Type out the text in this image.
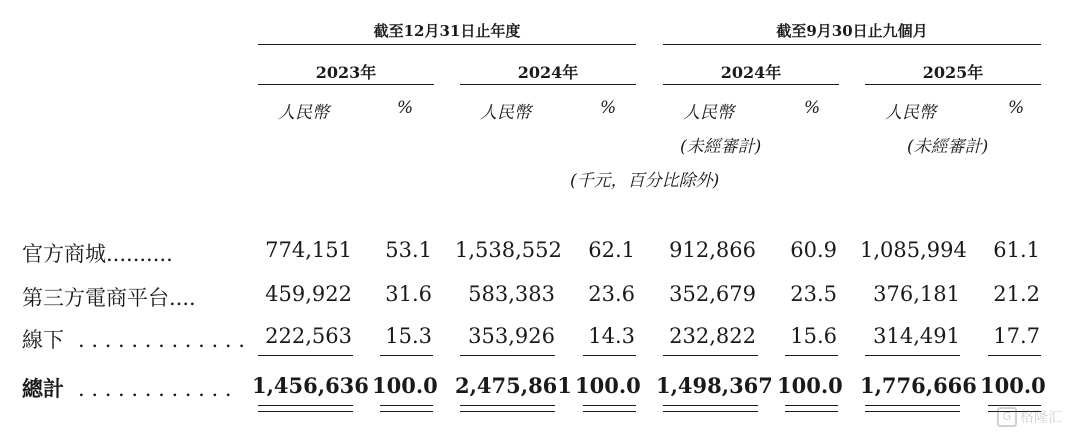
截至12月31日止年度	截至9月30日止九個月
2023年	2024年	2024年	2025年
人民幣	%	人民幣	%	人民幣	%	人民幣	%
(未經審計)	(未經審計)
(千元，百分比除外)
官方商城..........	774,151	53.1 1,538,552	62.1	912,866	60.9 1,085,994	61.1
第三方電商平台....	459,922	31.6	583,383	23.6	352,679	23.5	376,181	21.2
線下 . . . . . . . . . . . . . 222,563	15.3	353,926	14.3	232,822	15.6	314,491	17.7
總計 . . . . . . . . . . . . 1,456,636 100.0 2,475,861 100.0 1,498,367 100.0 1,776,666 100.0
G 格隆汇
